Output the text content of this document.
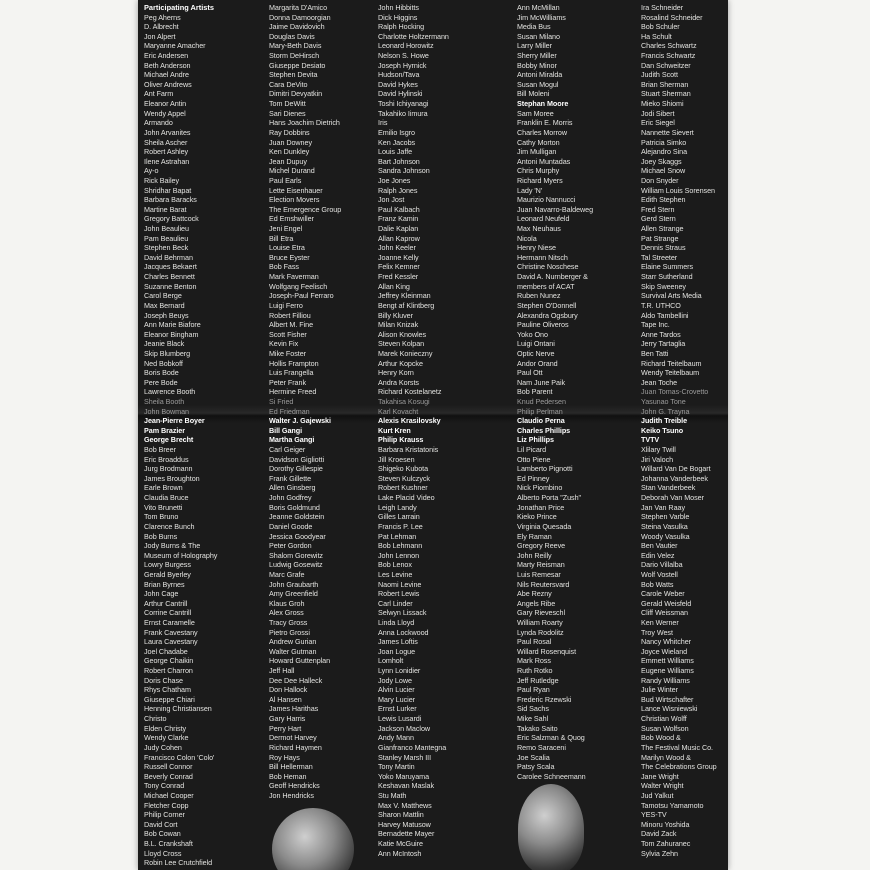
Participating Artists
Peg Aherns
D. Albrecht
Jon Alpert
Maryanne Amacher
Eric Andersen
Beth Anderson
Michael Andre
Oliver Andrews
Ant Farm
Eleanor Antin
Wendy Appel
Armando
John Arvanites
Sheila Ascher
Robert Ashley
Ilene Astrahan
Ay-o
Rick Bailey
Shridhar Bapat
Barbara Baracks
Martine Barat
Gregory Battcock
John Beaulieu
Pam Beaulieu
Stephen Beck
David Behrman
Jacques Bekaert
Charles Bennett
Suzanne Benton
Carol Berge
Max Bernard
Joseph Beuys
Ann Marie Biafore
Eleanor Bingham
Jeanie Black
Skip Blumberg
Ned Bobkoff
Boris Bode
Pere Bode
Lawrence Booth
Sheila Booth
John Bowman
Jean-Pierre Boyer
Pam Brazier
George Brecht
Bob Breer
Eric Broaddus
Jurg Brodmann
James Broughton
Earle Brown
Claudia Bruce
Vito Brunetti
Tom Bruno
Clarence Bunch
Bob Burns
Jody Burns & The
Museum of Holography
Lowry Burgess
Gerald Byerley
Brian Byrnes
John Cage
Arthur Cantrill
Corrine Cantrill
Ernst Caramelle
Frank Cavestany
Laura Cavestany
Joel Chadabe
George Chaikin
Robert Charron
Doris Chase
Rhys Chatham
Giuseppe Chiari
Henning Christiansen
Christo
Elden Christy
Wendy Clarke
Judy Cohen
Francisco Colon 'Colo'
Russell Connor
Beverly Conrad
Tony Conrad
Michael Cooper
Fletcher Copp
Philip Corner
David Cort
Bob Cowan
B.L. Crankshaft
Lloyd Cross
Robin Lee Crutchfield
Margarita D'Amico
Donna Damoorgian
Jaime Davidovich
Douglas Davis
Mary-Beth Davis
Storm DeHirsch
Giuseppe Desiato
Stephen Devita
Cara DeVito
Dimitri Devyatkin
Tom DeWitt
Sari Dienes
Hans Joachim Dietrich
Ray Dobbins
Juan Downey
Ken Dunkley
Jean Dupuy
Michel Durand
Paul Earls
Lette Eisenhauer
Election Movers
The Emergence Group
Ed Emshwiller
Jeni Engel
Bill Etra
Louise Etra
Bruce Eyster
Bob Fass
Mark Faverman
Wolfgang Feelisch
Joseph-Paul Ferraro
Luigi Ferro
Robert Filliou
Albert M. Fine
Scott Fisher
Kevin Fix
Mike Foster
Hollis Frampton
Luis Frangella
Peter Frank
Hermine Freed
Si Fried
Ed Friedman
Walter J. Gajewski
Bill Gangi
Martha Gangi
Carl Geiger
Davidson Gigliotti
Dorothy Gillespie
Frank Gillette
Allen Ginsberg
John Godfrey
Boris Goldmund
Jeanne Goldstein
Daniel Goode
Jessica Goodyear
Peter Gordon
Shalom Gorewitz
Ludwig Gosewitz
Marc Grafe
John Graubarth
Amy Greenfield
Klaus Groh
Alex Gross
Tracy Gross
Pietro Grossi
Andrew Gurian
Walter Gutman
Howard Guttenplan
Jeff Hall
Dee Dee Halleck
Don Hallock
Al Hansen
James Harithas
Gary Harris
Perry Hart
Dermot Harvey
Richard Haymen
Roy Hays
Bill Hellerman
Bob Heman
Geoff Hendricks
Jon Hendricks
John Hibbitts
Dick Higgins
Ralph Hocking
Charlotte Holtzermann
Leonard Horowitz
Nelson S. Howe
Joseph Hyrnick
Hudson/Tava
David Hykes
David Hylinski
Toshi Ichiyanagi
Takahiko Iimura
Iris
Emilio Isgro
Ken Jacobs
Louis Jaffe
Bart Johnson
Sandra Johnson
Joe Jones
Ralph Jones
Jon Jost
Paul Kalbach
Franz Kamin
Dalie Kaplan
Allan Kaprow
John Keeler
Joanne Kelly
Felix Kemner
Fred Kessler
Allan King
Jeffrey Kleinman
Bengt af Klintberg
Billy Kluver
Milan Knizak
Alison Knowles
Steven Kolpan
Marek Konieczny
Arthur Kopcke
Henry Korn
Andra Korsts
Richard Kostelanetz
Takahisa Kosugi
Karl Kovacht
Alexis Krasilovsky
Kurt Kren
Philip Krauss
Barbara Kristatonis
Jill Kroesen
Shigeko Kubota
Steven Kulczyck
Robert Kushner
Lake Placid Video
Leigh Landy
Gilles Larrain
Francis P. Lee
Pat Lehman
Bob Lehmann
John Lennon
Bob Lenox
Les Levine
Naomi Levine
Robert Lewis
Carl Linder
Selwyn Lissack
Linda Lloyd
Anna Lockwood
James Loftis
Joan Logue
Lomholt
Lynn Lonidier
Jody Lowe
Alvin Lucier
Mary Lucier
Ernst Lurker
Lewis Lusardi
Jackson Maclow
Andy Mann
Gianfranco Mantegna
Stanley Marsh III
Tony Martin
Yoko Maruyama
Keshavan Maslak
Stu Math
Max V. Matthews
Sharon Mattlin
Harvey Matusow
Bernadette Mayer
Katie McGuire
Ann McIntosh
Ann McMillan
Jim McWilliams
Media Bus
Susan Milano
Larry Miller
Sherry Miller
Bobby Minor
Antoni Miralda
Susan Mogul
Bill Moleni
Stephan Moore
Sam Moree
Franklin E. Morris
Charles Morrow
Cathy Morton
Jim Mulligan
Antoni Muntadas
Chris Murphy
Richard Myers
Lady 'N'
Maurizio Nannucci
Juan Navarro-Baldeweg
Leonard Neufeld
Max Neuhaus
Nicola
Henry Niese
Hermann Nitsch
Christine Noschese
David A. Nurnberger &
members of ACAT
Ruben Nunez
Stephen O'Donnell
Alexandra Ogsbury
Pauline Oliveros
Yoko Ono
Luigi Ontani
Optic Nerve
Andor Orand
Paul Ott
Nam June Paik
Bob Parent
Knud Pedersen
Philip Perlman
Claudio Perna
Charles Phillips
Liz Phillips
Lil Picard
Otto Piene
Lamberto Pignotti
Ed Pinney
Nick Piombino
Alberto Porta "Zush"
Jonathan Price
Kieko Prince
Virginia Quesada
Ely Raman
Gregory Reeve
John Reilly
Marty Reisman
Luis Remesar
Nils Reutersvard
Abe Rezny
Angels Ribe
Gary Rieveschl
William Roarty
Lynda Rodolitz
Paul Rosal
Willard Rosenquist
Mark Ross
Ruth Rotko
Jeff Rutledge
Paul Ryan
Frederic Rzewski
Sid Sachs
Mike Sahl
Takako Saito
Eric Salzman & Quog
Remo Saraceni
Joe Scalia
Patsy Scala
Carolee Schneemann
Ira Schneider
Rosalind Schneider
Bob Schuler
Ha Schult
Charles Schwartz
Francis Schwartz
Dan Schweitzer
Judith Scott
Brian Sherman
Stuart Sherman
Mieko Shiomi
Jodi Sibert
Eric Siegel
Nannette Sievert
Patricia Simko
Alejandro Sina
Joey Skaggs
Michael Snow
Don Snyder
William Louis Sorensen
Edith Stephen
Fred Stern
Gerd Stern
Allen Strange
Pat Strange
Dennis Straus
Tal Streeter
Elaine Summers
Starr Sutherland
Skip Sweeney
Survival Arts Media
T.R. UTHCO
Aldo Tambellini
Tape Inc.
Anne Tardos
Jerry Tartaglia
Ben Tatti
Richard Teitelbaum
Wendy Teitelbaum
Jean Toche
Juan Tomas-Crovetto
Yasunao Tone
John G. Trayna
Judith Treible
Keiko Tsuno
TVTV
Xlilary Twill
Jiri Valoch
Willard Van De Bogart
Johanna Vanderbeek
Stan Vanderbeek
Deborah Van Moser
Jan Van Raay
Stephen Varble
Steina Vasulka
Woody Vasulka
Ben Vautier
Edin Velez
Dario Villalba
Wolf Vostell
Bob Watts
Carole Weber
Gerald Weisfeld
Cliff Weissman
Ken Werner
Troy West
Nancy Whitcher
Joyce Wieland
Emmett Williams
Eugene Williams
Randy Williams
Julie Winter
Bud Wirtschafter
Lance Wisniewski
Christian Wolff
Susan Wolfson
Bob Wood &
The Festival Music Co.
Marilyn Wood &
The Celebrations Group
Jane Wright
Walter Wright
Jud Yalkut
Tamotsu Yamamoto
YES-TV
Minoru Yoshida
David Zack
Tom Zahuranec
Sylvia Zehn
